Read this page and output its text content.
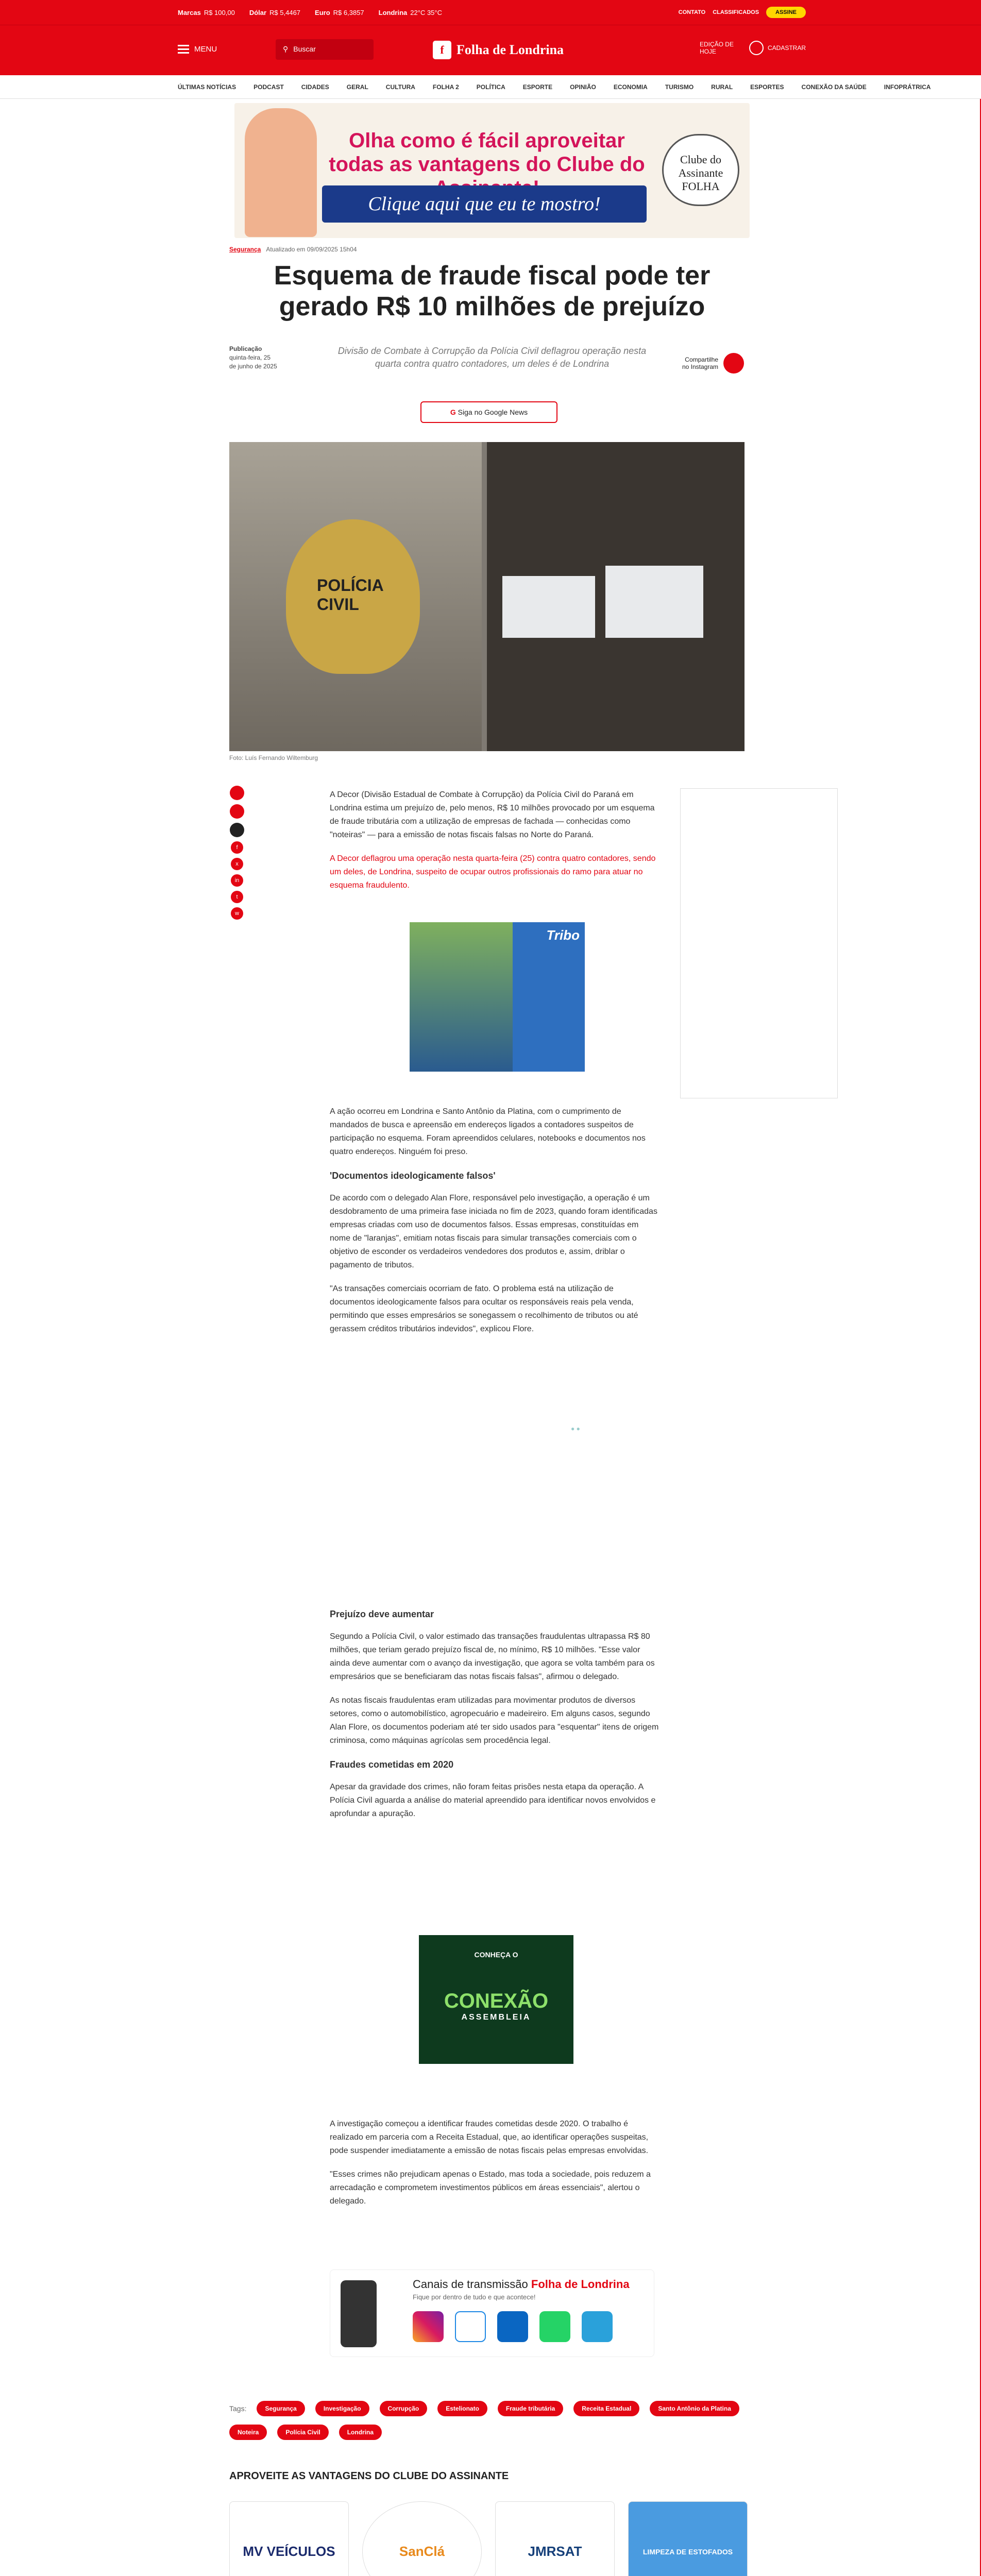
Marcas R$ 100,00 Dólar R$ 5,4467 Euro R$ 6,3857 Londrina 22°C 35°C	CONTATO CLASSIFICADOS	ASSINE
MENU	⚲ Buscar	f Folha de Londrina	EDIÇÃO DE
HOJE	CADASTRAR
ÚLTIMAS NOTÍCIAS	PODCAST	CIDADES	GERAL	CULTURA	FOLHA 2	POLÍTICA	ESPORTE	OPINIÃO	ECONOMIA	TURISMO	RURAL	ESPORTES	CONEXÃO DA SAÚDE	INFOPRÁTRICA
Olha como é fácil aproveitar todas as vantagens do Clube do
Clique aqui que eu te mostro!
Clube do Assinante FOLHA
Segurança Atualizado em 09/09/2025 15h04
Esquema de fraude fiscal pode ter gerado R$ 10 milhões de prejuízo
Publicação
quinta-feira, 25 de junho de 2025

Divisão de Combate à Corrupção da Polícia Civil deflagrou operação nesta quarta contra quatro contadores, um deles é de Londrina	Compartilhe no Instagram
G Siga no Google News
POLÍCIA CIVIL
Foto: Luís Fernando Wiltemburg
f
x
in
t
w

A Decor (Divisão Estadual de Combate à Corrupção) da Polícia Civil do Paraná em Londrina estima um prejuízo de, pelo menos, R$ 10 milhões provocado por um esquema de fraude tributária com a utilização de empresas de fachada — conhecidas como "noteiras" — para a emissão de notas fiscais falsas no Norte do Paraná.

A Decor deflagrou uma operação nesta quarta-feira (25) contra quatro contadores, sendo um deles, de Londrina, suspeito de ocupar outros profissionais do ramo para atuar no esquema fraudulento.

Tribo

A ação ocorreu em Londrina e Santo Antônio da Platina, com o cumprimento de mandados de busca e apreensão em endereços ligados a contadores suspeitos de participação no esquema. Foram apreendidos celulares, notebooks e documentos nos quatro endereços. Ninguém foi preso.

'Documentos ideologicamente falsos'

De acordo com o delegado Alan Flore, responsável pelo investigação, a operação é um desdobramento de uma primeira fase iniciada no fim de 2023, quando foram identificadas empresas criadas com uso de documentos falsos. Essas empresas, constituídas em nome de "laranjas", emitiam notas fiscais para simular transações comerciais com o objetivo de esconder os verdadeiros vendedores dos produtos e, assim, driblar o pagamento de tributos.

"As transações comerciais ocorriam de fato. O problema está na utilização de documentos ideologicamente falsos para ocultar os responsáveis reais pela venda, permitindo que esses empresários se sonegassem o recolhimento de tributos ou até gerassem créditos tributários indevidos", explicou Flore.

● ●
Prejuízo deve aumentar

Segundo a Polícia Civil, o valor estimado das transações fraudulentas ultrapassa R$ 80 milhões, que teriam gerado prejuízo fiscal de, no mínimo, R$ 10 milhões. "Esse valor ainda deve aumentar com o avanço da investigação, que agora se volta também para os empresários que se beneficiaram das notas fiscais falsas", afirmou o delegado.

As notas fiscais fraudulentas eram utilizadas para movimentar produtos de diversos setores, como o automobilístico, agropecuário e madeireiro. Em alguns casos, segundo Alan Flore, os documentos poderiam até ter sido usados para "esquentar" itens de origem criminosa, como máquinas agrícolas sem procedência legal.

Fraudes cometidas em 2020

Apesar da gravidade dos crimes, não foram feitas prisões nesta etapa da operação. A Polícia Civil aguarda a análise do material apreendido para identificar novos envolvidos e aprofundar a apuração.

CONHEÇA O
CONEXÃO
ASSEMBLEIA

A investigação começou a identificar fraudes cometidas desde 2020. O trabalho é realizado em parceria com a Receita Estadual, que, ao identificar operações suspeitas, pode suspender imediatamente a emissão de notas fiscais pelas empresas envolvidas.

"Esses crimes não prejudicam apenas o Estado, mas toda a sociedade, pois reduzem a arrecadação e comprometem investimentos públicos em áreas essenciais", alertou o delegado.

Canais de transmissão Folha de Londrina
Fique por dentro de tudo e que acontece!
Tags:	Segurança	Investigação	Corrupção	Estelionato	Fraude tributária	Receita Estadual	Santo Antônio da Platina
Noteira	Polícia Civil	Londrina
APROVEITE AS VANTAGENS DO CLUBE DO ASSINANTE
MV VEÍCULOS	SanClá	JMRSAT	LIMPEZA DE ESTOFADOS
